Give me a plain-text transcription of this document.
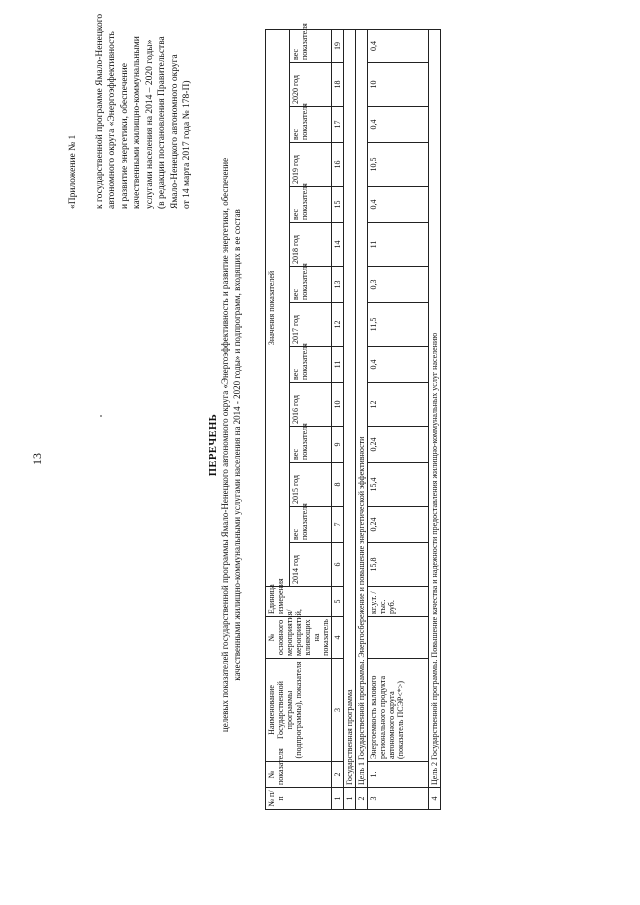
13
«Приложение № 1 к государственной программе Ямало-Ненецкого автономного округа «Энергоэффективность и развитие энергетики, обеспечение качественными жилищно-коммунальными услугами населения на 2014 – 2020 годы» (в редакции постановления Правительства Ямало-Ненецкого автономного округа от 14 марта 2017 года № 178-П)
ПЕРЕЧЕНЬ целевых показателей государственной программы Ямало-Ненецкого автономного округа «Энергоэффективность и развитие энергетики, обеспечение качественными жилищно-коммунальными услугами населения на 2014 - 2020 годы» и подпрограмм, входящих в ее состав
№ п/п	№ показателя	Наименование Государственной программы (подпрограммы), показателя	№ основного мероприятия/ мероприятий, влияющих на показатель	Единица измерения	Значения показателей													
					2014 год	вес показателя	2015 год	вес показателя	2016 год	вес показателя	2017 год	вес показателя	2018 год	вес показателя	2019 год	вес показателя	2020 год	вес показателя
1	2	3	4	5	6	7	8	9	10	11	12	13	14	15	16	17	18	19
1	Государственная программа																	
2	Цель 1 Государственной программы. Энергосбережение и повышение энергетической эффективности																	
3	1.	Энергоемкость валового регионального продукта автономного округа (показатель ПСЭР<*>)		кг.у.т. /тыс. руб.	15,8	0,24	15,4	0,24	12	0,4	11,5	0,3	11	0,4	10,5	0,4	10	0,4
4	Цель 2 Государственной программы. Повышение качества и надежности предоставления жилищно-коммунальных услуг населению																	
